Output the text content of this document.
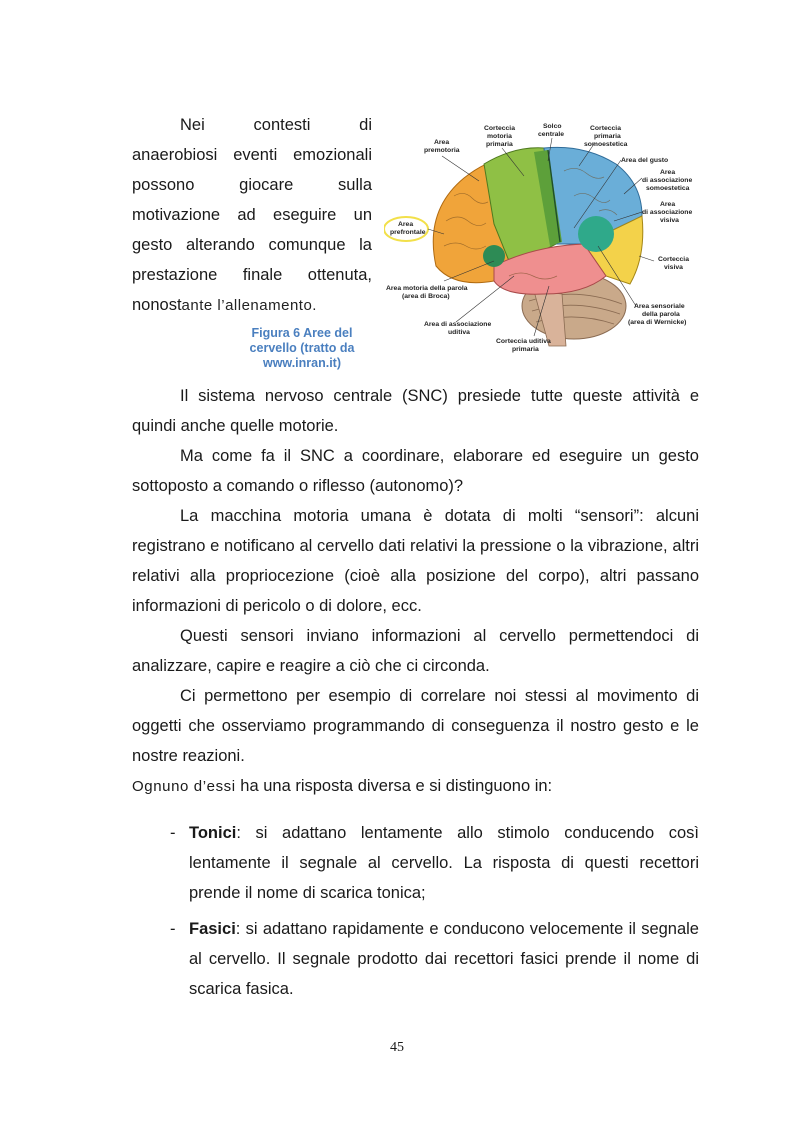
Nei contesti di
anaerobiosi eventi emozionali
possono giocare sulla
motivazione ad eseguire un
gesto alterando comunque la
prestazione finale ottenuta,
nonostante l’allenamento.
Figura 6 Aree del cervello (tratto da www.inran.it)
Area premotoria
Corteccia motoria primaria
Solco centrale
Corteccia primaria somoestetica
Area del gusto
Area di associazione somoestetica
Area di associazione visiva
Area prefrontale
Corteccia visiva
Area motoria della parola (area di Broca)
Area sensoriale della parola (area di Wernicke)
Area di associazione uditiva
Corteccia uditiva primaria

Il sistema nervoso centrale (SNC) presiede tutte queste attività e quindi anche quelle motorie.

Ma come fa il SNC a coordinare, elaborare ed eseguire un gesto sottoposto a comando o riflesso (autonomo)?

La macchina motoria umana è dotata di molti “sensori”: alcuni registrano e notificano al cervello dati relativi la pressione o la vibrazione, altri relativi alla propriocezione (cioè alla posizione del corpo), altri passano informazioni di pericolo o di dolore, ecc.

Questi sensori inviano informazioni al cervello permettendoci di analizzare, capire e reagire a ciò che ci circonda.

Ci permettono per esempio di correlare noi stessi al movimento di oggetti che osserviamo programmando di conseguenza il nostro gesto e le nostre reazioni.

Ognuno d’essi ha una risposta diversa e si distinguono in:

- Tonici: si adattano lentamente allo stimolo conducendo così lentamente il segnale al cervello. La risposta di questi recettori prende il nome di scarica tonica;
- Fasici: si adattano rapidamente e conducono velocemente il segnale al cervello. Il segnale prodotto dai recettori fasici prende il nome di scarica fasica.
45
